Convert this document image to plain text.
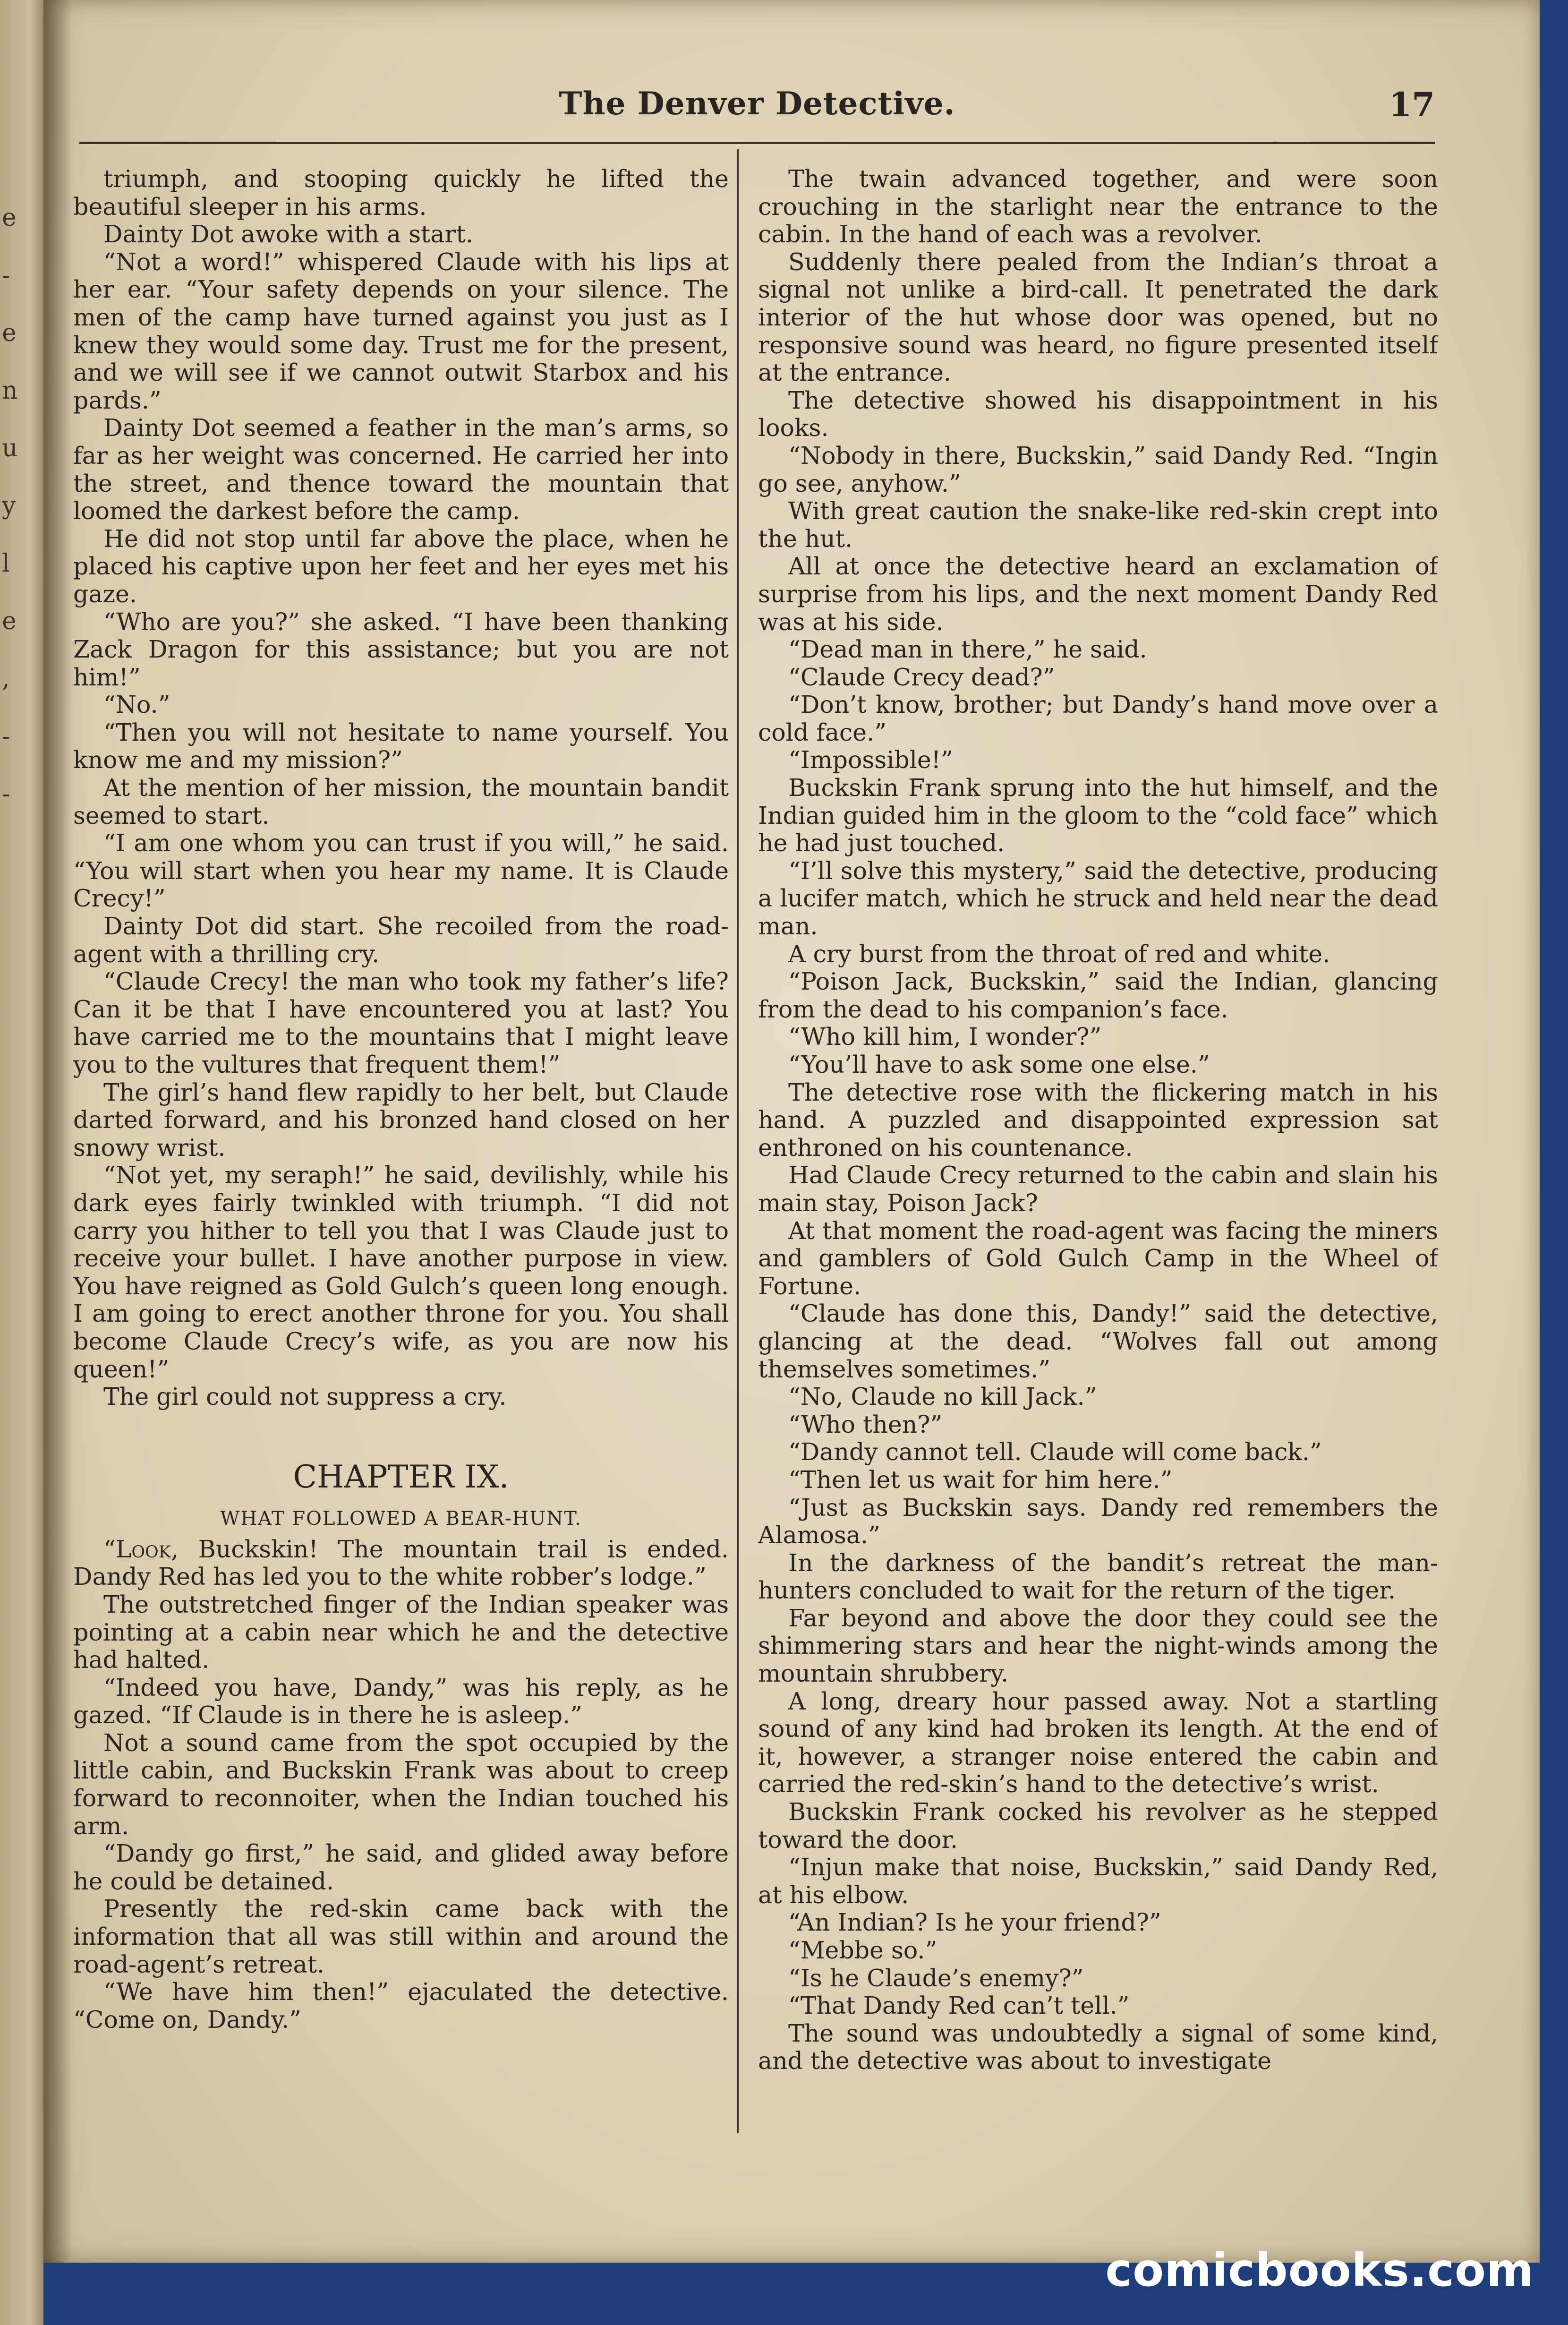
e
-
e
n
u
y
l
e
,
-
-
The Denver Detective.	17

triumph, and stooping quickly he lifted the beautiful sleeper in his arms.

Dainty Dot awoke with a start.

“Not a word!” whispered Claude with his lips at her ear. “Your safety depends on your silence. The men of the camp have turned against you just as I knew they would some day. Trust me for the present, and we will see if we cannot outwit Starbox and his pards.”

Dainty Dot seemed a feather in the man’s arms, so far as her weight was concerned. He carried her into the street, and thence toward the mountain that loomed the darkest before the camp.

He did not stop until far above the place, when he placed his captive upon her feet and her eyes met his gaze.

“Who are you?” she asked. “I have been thanking Zack Dragon for this assistance; but you are not him!”

“No.”

“Then you will not hesitate to name yourself. You know me and my mission?”

At the mention of her mission, the mountain bandit seemed to start.

“I am one whom you can trust if you will,” he said. “You will start when you hear my name. It is Claude Crecy!”

Dainty Dot did start. She recoiled from the road-agent with a thrilling cry.

“Claude Crecy! the man who took my father’s life? Can it be that I have encountered you at last? You have carried me to the mountains that I might leave you to the vultures that frequent them!”

The girl’s hand flew rapidly to her belt, but Claude darted forward, and his bronzed hand closed on her snowy wrist.

“Not yet, my seraph!” he said, devilishly, while his dark eyes fairly twinkled with triumph. “I did not carry you hither to tell you that I was Claude just to receive your bullet. I have another purpose in view. You have reigned as Gold Gulch’s queen long enough. I am going to erect another throne for you. You shall become Claude Crecy’s wife, as you are now his queen!”

The girl could not suppress a cry.

CHAPTER IX.
WHAT FOLLOWED A BEAR-HUNT.

“Look, Buckskin! The mountain trail is ended. Dandy Red has led you to the white robber’s lodge.”

The outstretched finger of the Indian speaker was pointing at a cabin near which he and the detective had halted.

“Indeed you have, Dandy,” was his reply, as he gazed. “If Claude is in there he is asleep.”

Not a sound came from the spot occupied by the little cabin, and Buckskin Frank was about to creep forward to reconnoiter, when the Indian touched his arm.

“Dandy go first,” he said, and glided away before he could be detained.

Presently the red-skin came back with the information that all was still within and around the road-agent’s retreat.

“We have him then!” ejaculated the detective. “Come on, Dandy.”

The twain advanced together, and were soon crouching in the starlight near the entrance to the cabin. In the hand of each was a revolver.

Suddenly there pealed from the Indian’s throat a signal not unlike a bird-call. It penetrated the dark interior of the hut whose door was opened, but no responsive sound was heard, no figure presented itself at the entrance.

The detective showed his disappointment in his looks.

“Nobody in there, Buckskin,” said Dandy Red. “Ingin go see, anyhow.”

With great caution the snake-like red-skin crept into the hut.

All at once the detective heard an exclamation of surprise from his lips, and the next moment Dandy Red was at his side.

“Dead man in there,” he said.

“Claude Crecy dead?”

“Don’t know, brother; but Dandy’s hand move over a cold face.”

“Impossible!”

Buckskin Frank sprung into the hut himself, and the Indian guided him in the gloom to the “cold face” which he had just touched.

“I’ll solve this mystery,” said the detective, producing a lucifer match, which he struck and held near the dead man.

A cry burst from the throat of red and white.

“Poison Jack, Buckskin,” said the Indian, glancing from the dead to his companion’s face.

“Who kill him, I wonder?”

“You’ll have to ask some one else.”

The detective rose with the flickering match in his hand. A puzzled and disappointed expression sat enthroned on his countenance.

Had Claude Crecy returned to the cabin and slain his main stay, Poison Jack?

At that moment the road-agent was facing the miners and gamblers of Gold Gulch Camp in the Wheel of Fortune.

“Claude has done this, Dandy!” said the detective, glancing at the dead. “Wolves fall out among themselves sometimes.”

“No, Claude no kill Jack.”

“Who then?”

“Dandy cannot tell. Claude will come back.”

“Then let us wait for him here.”

“Just as Buckskin says. Dandy red remembers the Alamosa.”

In the darkness of the bandit’s retreat the man-hunters concluded to wait for the return of the tiger.

Far beyond and above the door they could see the shimmering stars and hear the night-winds among the mountain shrubbery.

A long, dreary hour passed away. Not a startling sound of any kind had broken its length. At the end of it, however, a stranger noise entered the cabin and carried the red-skin’s hand to the detective’s wrist.

Buckskin Frank cocked his revolver as he stepped toward the door.

“Injun make that noise, Buckskin,” said Dandy Red, at his elbow.

“An Indian? Is he your friend?”

“Mebbe so.”

“Is he Claude’s enemy?”

“That Dandy Red can’t tell.”

The sound was undoubtedly a signal of some kind, and the detective was about to investigate

comicbooks.com
